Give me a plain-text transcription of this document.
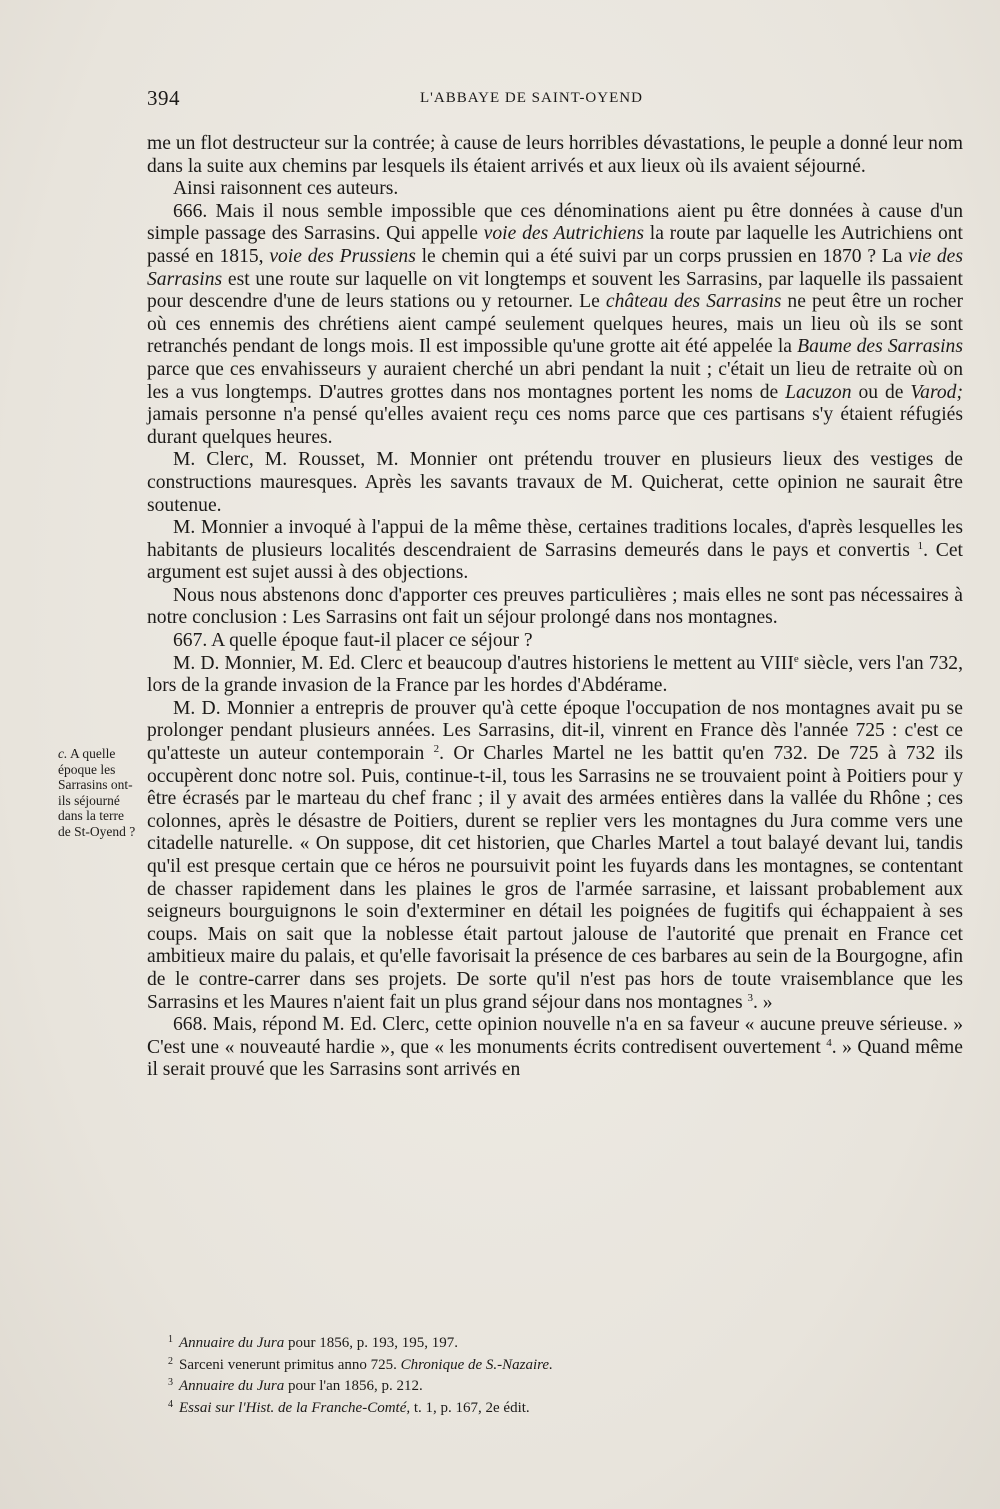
394	L'ABBAYE DE SAINT-OYEND
c. A quelle époque les Sarrasins ont-ils séjourné dans la terre de St-Oyend ?

me un flot destructeur sur la contrée; à cause de leurs horribles dévastations, le peuple a donné leur nom dans la suite aux chemins par lesquels ils étaient arrivés et aux lieux où ils avaient séjourné.

Ainsi raisonnent ces auteurs.

666. Mais il nous semble impossible que ces dénominations aient pu être données à cause d'un simple passage des Sarrasins. Qui appelle voie des Autrichiens la route par laquelle les Autrichiens ont passé en 1815, voie des Prussiens le chemin qui a été suivi par un corps prussien en 1870 ? La vie des Sarrasins est une route sur laquelle on vit longtemps et souvent les Sarrasins, par laquelle ils passaient pour descendre d'une de leurs stations ou y retourner. Le château des Sarrasins ne peut être un rocher où ces ennemis des chrétiens aient campé seulement quelques heures, mais un lieu où ils se sont retranchés pendant de longs mois. Il est impossible qu'une grotte ait été appelée la Baume des Sarrasins parce que ces envahisseurs y auraient cherché un abri pendant la nuit ; c'était un lieu de retraite où on les a vus longtemps. D'autres grottes dans nos montagnes portent les noms de Lacuzon ou de Varod; jamais personne n'a pensé qu'elles avaient reçu ces noms parce que ces partisans s'y étaient réfugiés durant quelques heures.

M. Clerc, M. Rousset, M. Monnier ont prétendu trouver en plusieurs lieux des vestiges de constructions mauresques. Après les savants travaux de M. Quicherat, cette opinion ne saurait être soutenue.

M. Monnier a invoqué à l'appui de la même thèse, certaines traditions locales, d'après lesquelles les habitants de plusieurs localités descendraient de Sarrasins demeurés dans le pays et convertis $^1$. Cet argument est sujet aussi à des objections.

Nous nous abstenons donc d'apporter ces preuves particulières ; mais elles ne sont pas nécessaires à notre conclusion : Les Sarrasins ont fait un séjour prolongé dans nos montagnes.

667. A quelle époque faut-il placer ce séjour ?

M. D. Monnier, M. Ed. Clerc et beaucoup d'autres historiens le mettent au VIIIe siècle, vers l'an 732, lors de la grande invasion de la France par les hordes d'Abdérame.

M. D. Monnier a entrepris de prouver qu'à cette époque l'occupation de nos montagnes avait pu se prolonger pendant plusieurs années. Les Sarrasins, dit-il, vinrent en France dès l'année 725 : c'est ce qu'atteste un auteur contemporain $^2$. Or Charles Martel ne les battit qu'en 732. De 725 à 732 ils occupèrent donc notre sol. Puis, continue-t-il, tous les Sarrasins ne se trouvaient point à Poitiers pour y être écrasés par le marteau du chef franc ; il y avait des armées entières dans la vallée du Rhône ; ces colonnes, après le désastre de Poitiers, durent se replier vers les montagnes du Jura comme vers une citadelle naturelle. « On suppose, dit cet historien, que Charles Martel a tout balayé devant lui, tandis qu'il est presque certain que ce héros ne poursuivit point les fuyards dans les montagnes, se contentant de chasser rapidement dans les plaines le gros de l'armée sarrasine, et laissant probablement aux seigneurs bourguignons le soin d'exterminer en détail les poignées de fugitifs qui échappaient à ses coups. Mais on sait que la noblesse était partout jalouse de l'autorité que prenait en France cet ambitieux maire du palais, et qu'elle favorisait la présence de ces barbares au sein de la Bourgogne, afin de le contre-carrer dans ses projets. De sorte qu'il n'est pas hors de toute vraisemblance que les Sarrasins et les Maures n'aient fait un plus grand séjour dans nos montagnes $^3$. »

668. Mais, répond M. Ed. Clerc, cette opinion nouvelle n'a en sa faveur « aucune preuve sérieuse. » C'est une « nouveauté hardie », que « les monuments écrits contredisent ouvertement $^4$. » Quand même il serait prouvé que les Sarrasins sont arrivés en

$^1$ Annuaire du Jura pour 1856, p. 193, 195, 197.
$^2$ Sarceni venerunt primitus anno 725. Chronique de S.-Nazaire.
$^3$ Annuaire du Jura pour l'an 1856, p. 212.
$^4$ Essai sur l'Hist. de la Franche-Comté, t. 1, p. 167, 2e édit.
